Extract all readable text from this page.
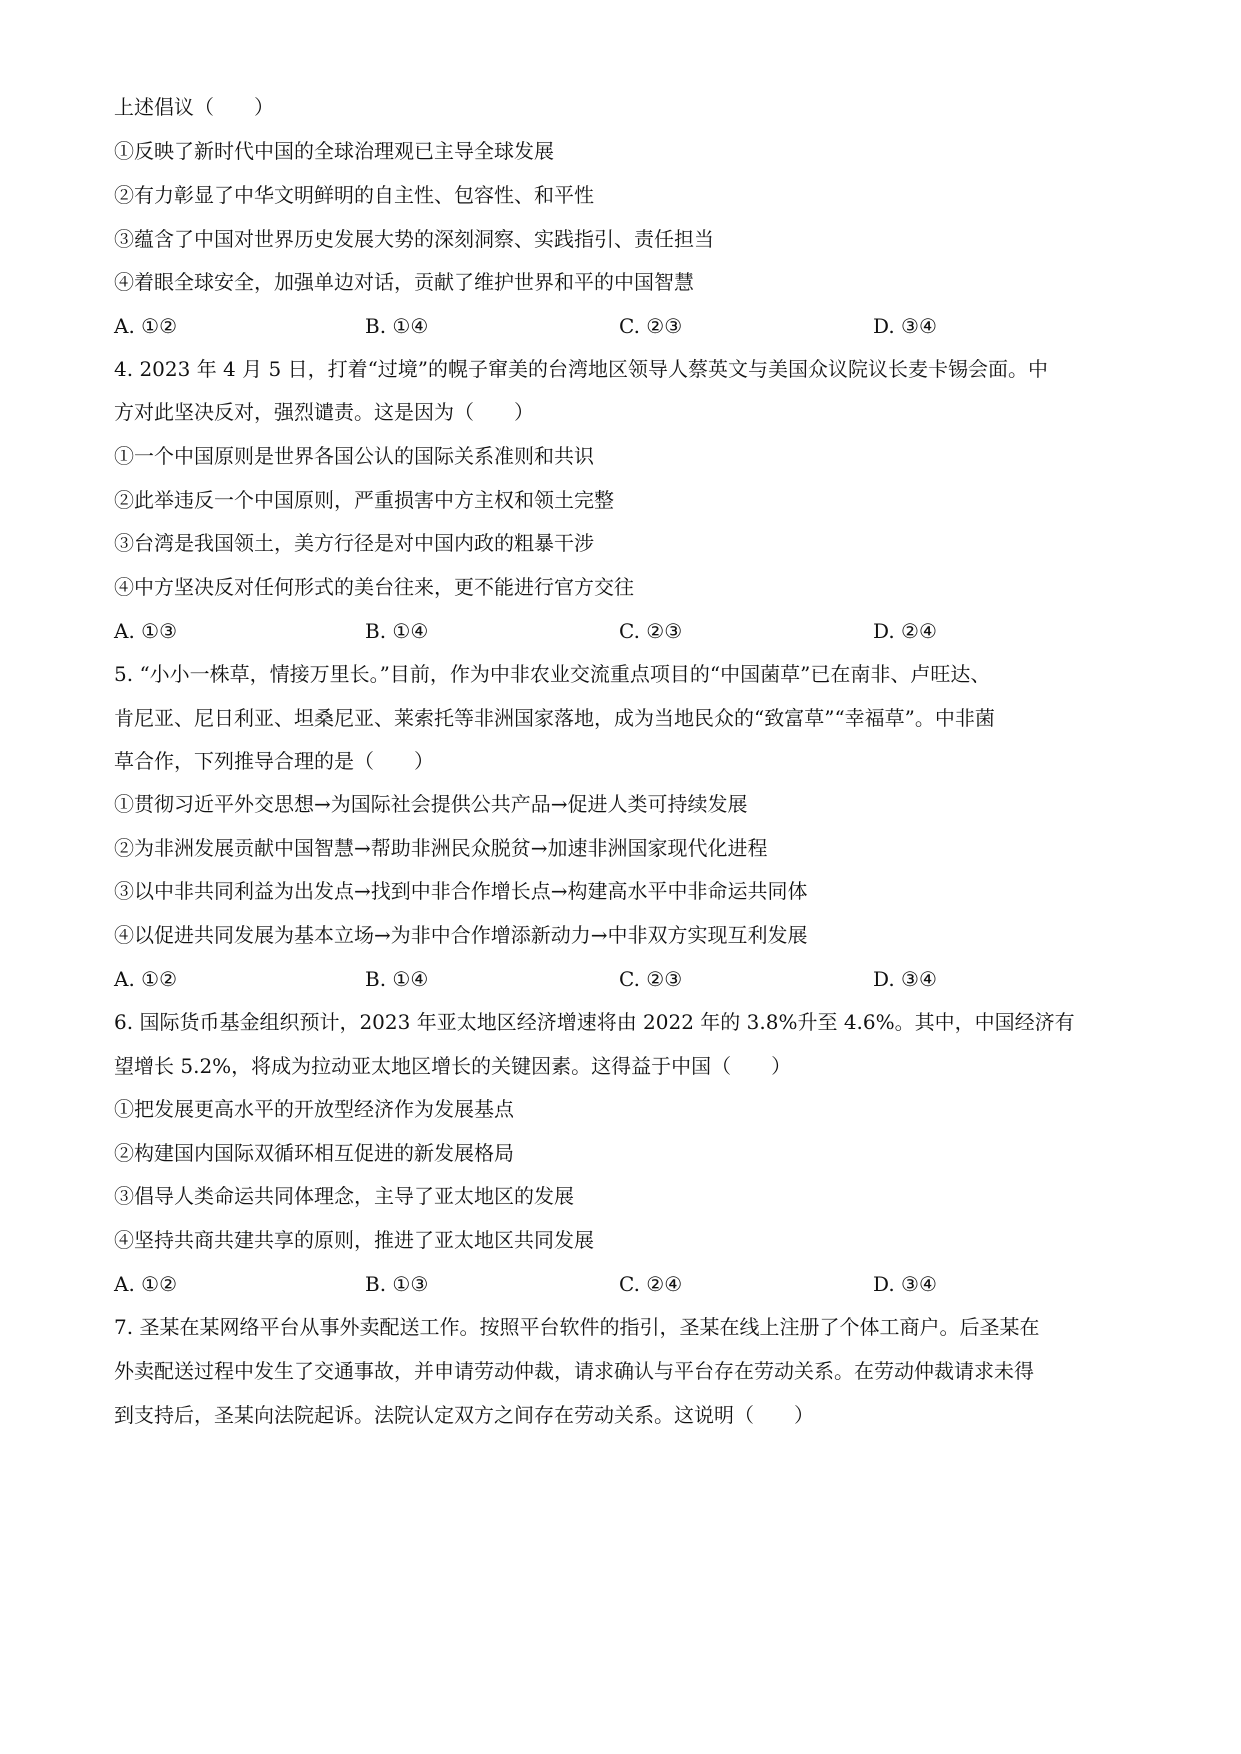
上述倡议（　　）
①反映了新时代中国的全球治理观已主导全球发展
②有力彰显了中华文明鲜明的自主性、包容性、和平性
③蕴含了中国对世界历史发展大势的深刻洞察、实践指引、责任担当
④着眼全球安全，加强单边对话，贡献了维护世界和平的中国智慧
A. ①②	B. ①④	C. ②③	D. ③④
4. 2023 年 4 月 5 日，打着“过境”的幌子窜美的台湾地区领导人蔡英文与美国众议院议长麦卡锡会面。中
方对此坚决反对，强烈谴责。这是因为（　　）
①一个中国原则是世界各国公认的国际关系准则和共识
②此举违反一个中国原则，严重损害中方主权和领土完整
③台湾是我国领土，美方行径是对中国内政的粗暴干涉
④中方坚决反对任何形式的美台往来，更不能进行官方交往
A. ①③	B. ①④	C. ②③	D. ②④
5. “小小一株草，情接万里长。”目前，作为中非农业交流重点项目的“中国菌草”已在南非、卢旺达、
肯尼亚、尼日利亚、坦桑尼亚、莱索托等非洲国家落地，成为当地民众的“致富草”“幸福草”。中非菌
草合作，下列推导合理的是（　　）
①贯彻习近平外交思想→为国际社会提供公共产品→促进人类可持续发展
②为非洲发展贡献中国智慧→帮助非洲民众脱贫→加速非洲国家现代化进程
③以中非共同利益为出发点→找到中非合作增长点→构建高水平中非命运共同体
④以促进共同发展为基本立场→为非中合作增添新动力→中非双方实现互利发展
A. ①②	B. ①④	C. ②③	D. ③④
6. 国际货币基金组织预计，2023 年亚太地区经济增速将由 2022 年的 3.8%升至 4.6%。其中，中国经济有
望增长 5.2%，将成为拉动亚太地区增长的关键因素。这得益于中国（　　）
①把发展更高水平的开放型经济作为发展基点
②构建国内国际双循环相互促进的新发展格局
③倡导人类命运共同体理念，主导了亚太地区的发展
④坚持共商共建共享的原则，推进了亚太地区共同发展
A. ①②	B. ①③	C. ②④	D. ③④
7. 圣某在某网络平台从事外卖配送工作。按照平台软件的指引，圣某在线上注册了个体工商户。后圣某在
外卖配送过程中发生了交通事故，并申请劳动仲裁，请求确认与平台存在劳动关系。在劳动仲裁请求未得
到支持后，圣某向法院起诉。法院认定双方之间存在劳动关系。这说明（　　）
